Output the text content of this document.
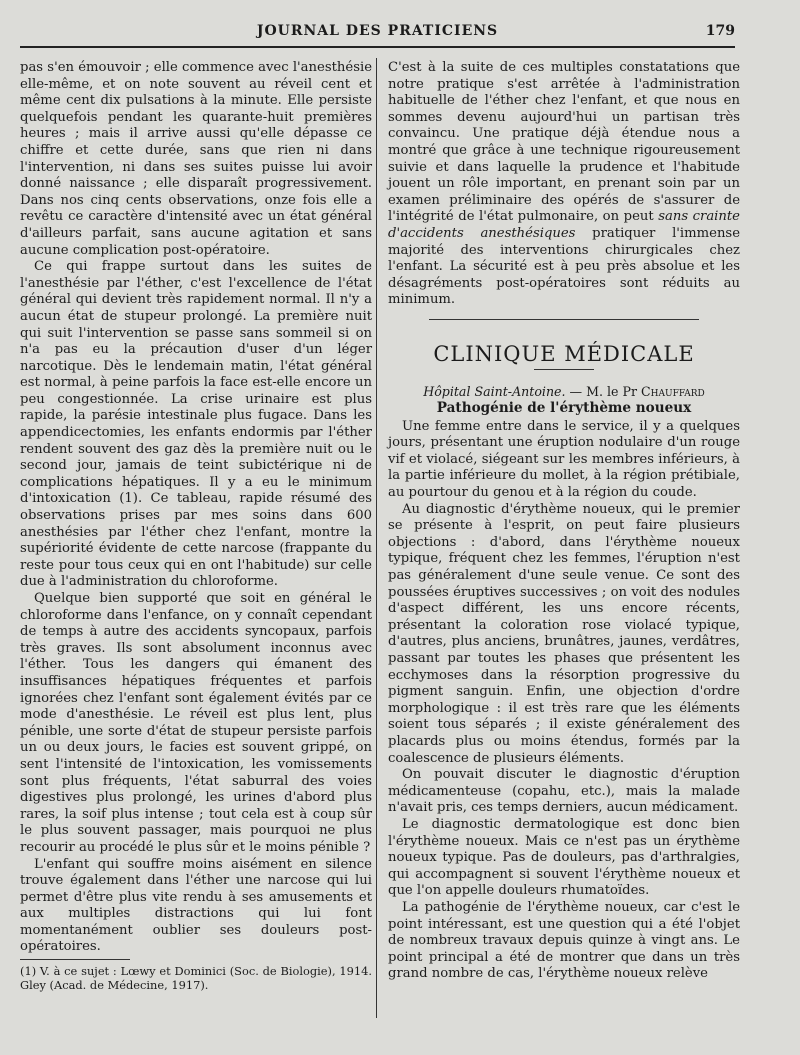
JOURNAL DES PRATICIENS	179

pas s'en émouvoir ; elle commence avec l'anesthésie elle-même, et on note souvent au réveil cent et même cent dix pulsations à la minute. Elle persiste quelquefois pendant les quarante-huit premières heures ; mais il arrive aussi qu'elle dépasse ce chiffre et cette durée, sans que rien ni dans l'intervention, ni dans ses suites puisse lui avoir donné naissance ; elle disparaît progressivement. Dans nos cinq cents observations, onze fois elle a revêtu ce caractère d'intensité avec un état général d'ailleurs parfait, sans aucune agitation et sans aucune complication post-opératoire.

Ce qui frappe surtout dans les suites de l'anesthésie par l'éther, c'est l'excellence de l'état général qui devient très rapidement normal. Il n'y a aucun état de stupeur prolongé. La première nuit qui suit l'intervention se passe sans sommeil si on n'a pas eu la précaution d'user d'un léger narcotique. Dès le lendemain matin, l'état général est normal, à peine parfois la face est-elle encore un peu congestionnée. La crise urinaire est plus rapide, la parésie intestinale plus fugace. Dans les appendicectomies, les enfants endormis par l'éther rendent souvent des gaz dès la première nuit ou le second jour, jamais de teint subictérique ni de complications hépatiques. Il y a eu le minimum d'intoxication (1). Ce tableau, rapide résumé des observations prises par mes soins dans 600 anesthésies par l'éther chez l'enfant, montre la supériorité évidente de cette narcose (frappante du reste pour tous ceux qui en ont l'habitude) sur celle due à l'administration du chloroforme.

Quelque bien supporté que soit en général le chloroforme dans l'enfance, on y connaît cependant de temps à autre des accidents syncopaux, parfois très graves. Ils sont absolument inconnus avec l'éther. Tous les dangers qui émanent des insuffisances hépatiques fréquentes et parfois ignorées chez l'enfant sont également évités par ce mode d'anesthésie. Le réveil est plus lent, plus pénible, une sorte d'état de stupeur persiste parfois un ou deux jours, le facies est souvent grippé, on sent l'intensité de l'intoxication, les vomissements sont plus fréquents, l'état saburral des voies digestives plus prolongé, les urines d'abord plus rares, la soif plus intense ; tout cela est à coup sûr le plus souvent passager, mais pourquoi ne plus recourir au procédé le plus sûr et le moins pénible ?

L'enfant qui souffre moins aisément en silence trouve également dans l'éther une narcose qui lui permet d'être plus vite rendu à ses amusements et aux multiples distractions qui lui font momentanément oublier ses douleurs post-opératoires.

(1) V. à ce sujet : Lœwy et Dominici (Soc. de Biologie), 1914. Gley (Acad. de Médecine, 1917).

C'est à la suite de ces multiples constatations que notre pratique s'est arrêtée à l'administration habituelle de l'éther chez l'enfant, et que nous en sommes devenu aujourd'hui un partisan très convaincu. Une pratique déjà étendue nous a montré que grâce à une technique rigoureusement suivie et dans laquelle la prudence et l'habitude jouent un rôle important, en prenant soin par un examen préliminaire des opérés de s'assurer de l'intégrité de l'état pulmonaire, on peut sans crainte d'accidents anesthésiques pratiquer l'immense majorité des interventions chirurgicales chez l'enfant. La sécurité est à peu près absolue et les désagréments post-opératoires sont réduits au minimum.

CLINIQUE MÉDICALE

Hôpital Saint-Antoine. — M. le Pr Chauffard

Pathogénie de l'érythème noueux

Une femme entre dans le service, il y a quelques jours, présentant une éruption nodulaire d'un rouge vif et violacé, siégeant sur les membres inférieurs, à la partie inférieure du mollet, à la région prétibiale, au pourtour du genou et à la région du coude.

Au diagnostic d'érythème noueux, qui le premier se présente à l'esprit, on peut faire plusieurs objections : d'abord, dans l'érythème noueux typique, fréquent chez les femmes, l'éruption n'est pas généralement d'une seule venue. Ce sont des poussées éruptives successives ; on voit des nodules d'aspect différent, les uns encore récents, présentant la coloration rose violacé typique, d'autres, plus anciens, brunâtres, jaunes, verdâtres, passant par toutes les phases que présentent les ecchymoses dans la résorption progressive du pigment sanguin. Enfin, une objection d'ordre morphologique : il est très rare que les éléments soient tous séparés ; il existe généralement des placards plus ou moins étendus, formés par la coalescence de plusieurs éléments.

On pouvait discuter le diagnostic d'éruption médicamenteuse (copahu, etc.), mais la malade n'avait pris, ces temps derniers, aucun médicament.

Le diagnostic dermatologique est donc bien l'érythème noueux. Mais ce n'est pas un érythème noueux typique. Pas de douleurs, pas d'arthralgies, qui accompagnent si souvent l'érythème noueux et que l'on appelle douleurs rhumatoïdes.

La pathogénie de l'érythème noueux, car c'est le point intéressant, est une question qui a été l'objet de nombreux travaux depuis quinze à vingt ans. Le point principal a été de montrer que dans un très grand nombre de cas, l'érythème noueux relève
